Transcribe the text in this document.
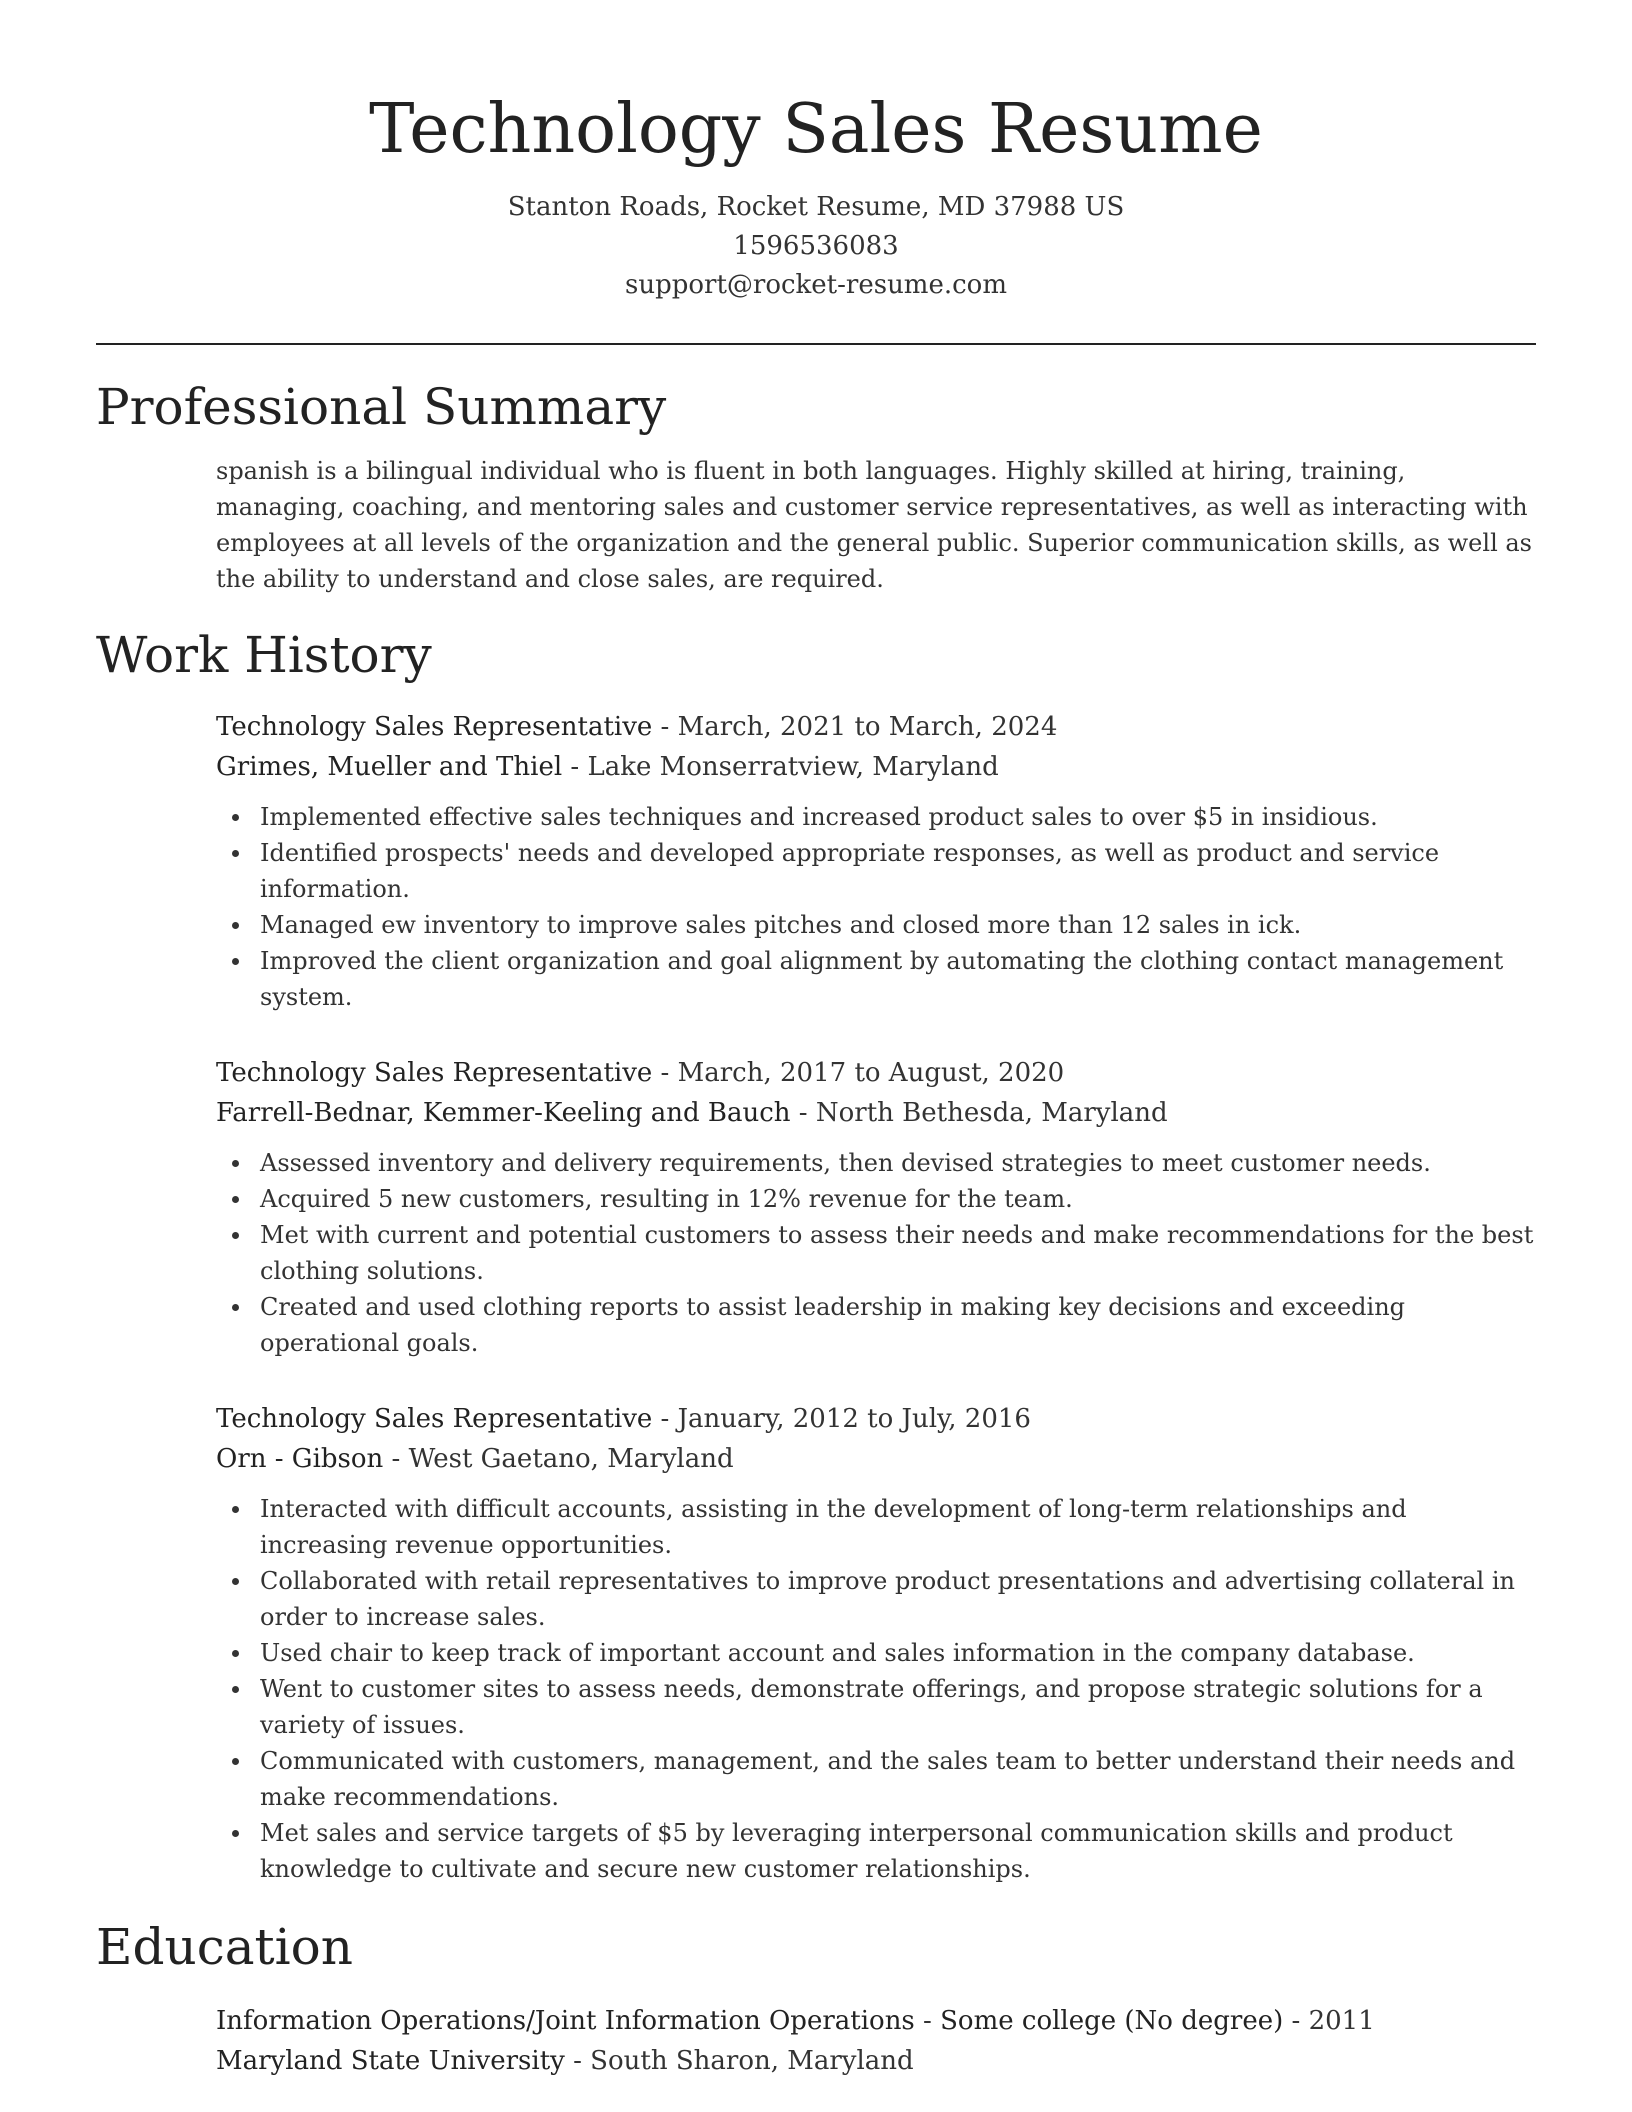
Technology Sales Resume
Stanton Roads, Rocket Resume, MD 37988 US
1596536083
support@rocket-resume.com
Professional Summary

spanish is a bilingual individual who is fluent in both languages. Highly skilled at hiring, training, managing, coaching, and mentoring sales and customer service representatives, as well as interacting with employees at all levels of the organization and the general public. Superior communication skills, as well as the ability to understand and close sales, are required.

Work History
Technology Sales Representative - March, 2021 to March, 2024
Grimes, Mueller and Thiel - Lake Monserratview, Maryland
Implemented effective sales techniques and increased product sales to over $5 in insidious.
Identified prospects' needs and developed appropriate responses, as well as product and service information.
Managed ew inventory to improve sales pitches and closed more than 12 sales in ick.
Improved the client organization and goal alignment by automating the clothing contact management system.
Technology Sales Representative - March, 2017 to August, 2020
Farrell-Bednar, Kemmer-Keeling and Bauch - North Bethesda, Maryland
Assessed inventory and delivery requirements, then devised strategies to meet customer needs.
Acquired 5 new customers, resulting in 12% revenue for the team.
Met with current and potential customers to assess their needs and make recommendations for the best clothing solutions.
Created and used clothing reports to assist leadership in making key decisions and exceeding operational goals.
Technology Sales Representative - January, 2012 to July, 2016
Orn - Gibson - West Gaetano, Maryland
Interacted with difficult accounts, assisting in the development of long-term relationships and increasing revenue opportunities.
Collaborated with retail representatives to improve product presentations and advertising collateral in order to increase sales.
Used chair to keep track of important account and sales information in the company database.
Went to customer sites to assess needs, demonstrate offerings, and propose strategic solutions for a variety of issues.
Communicated with customers, management, and the sales team to better understand their needs and make recommendations.
Met sales and service targets of $5 by leveraging interpersonal communication skills and product knowledge to cultivate and secure new customer relationships.
Education
Information Operations/Joint Information Operations - Some college (No degree) - 2011
Maryland State University - South Sharon, Maryland
